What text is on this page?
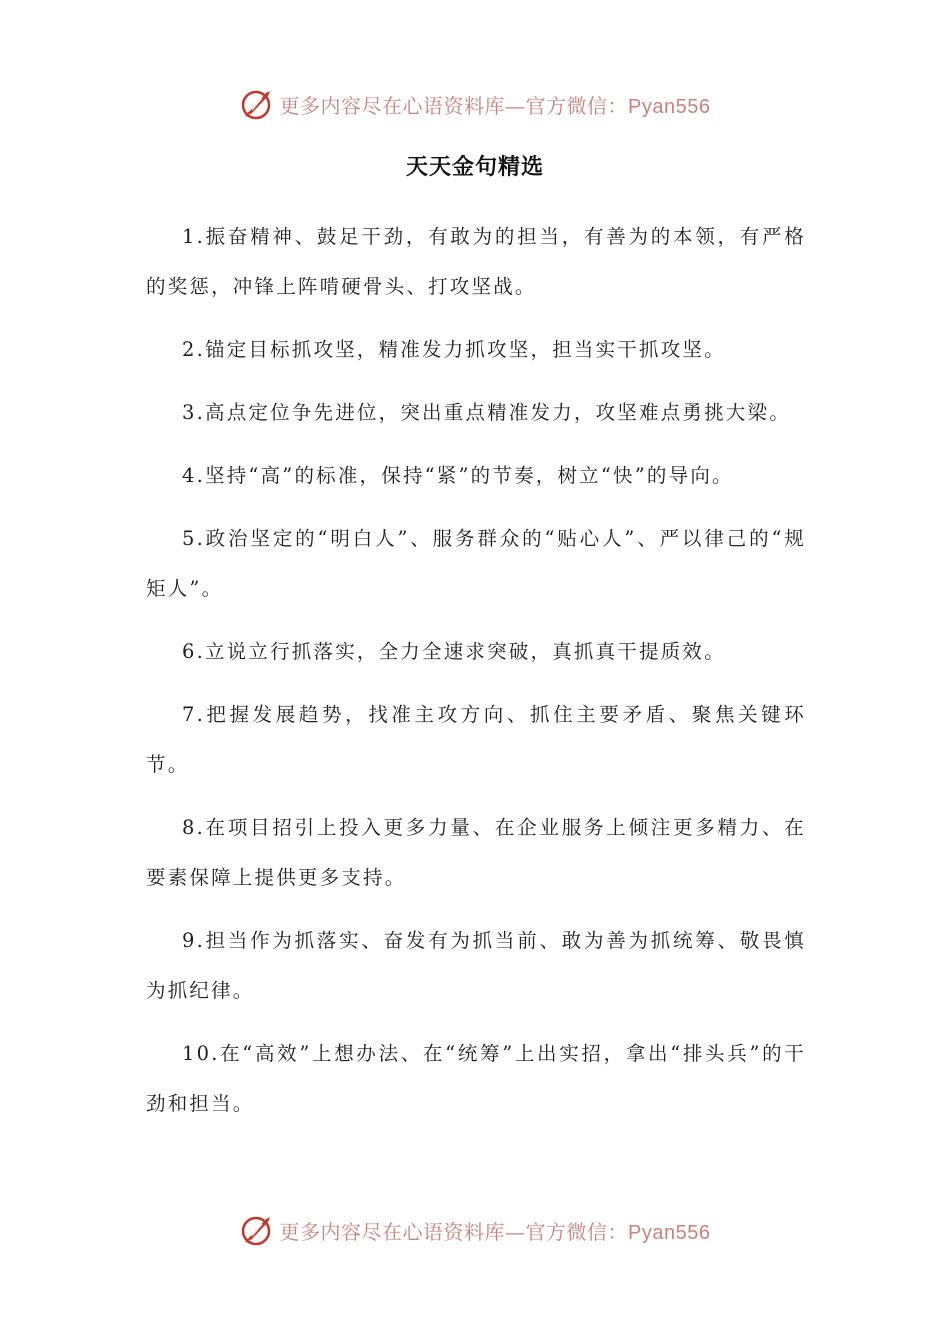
更多内容尽在心语资料库—官方微信：Pyan556
天天金句精选

1.振奋精神、鼓足干劲，有敢为的担当，有善为的本领，有严格的奖惩，冲锋上阵啃硬骨头、打攻坚战。

2.锚定目标抓攻坚，精准发力抓攻坚，担当实干抓攻坚。

3.高点定位争先进位，突出重点精准发力，攻坚难点勇挑大梁。

4.坚持“高”的标准，保持“紧”的节奏，树立“快”的导向。

5.政治坚定的“明白人”、服务群众的“贴心人”、严以律己的“规矩人”。

6.立说立行抓落实，全力全速求突破，真抓真干提质效。

7.把握发展趋势，找准主攻方向、抓住主要矛盾、聚焦关键环节。

8.在项目招引上投入更多力量、在企业服务上倾注更多精力、在要素保障上提供更多支持。

9.担当作为抓落实、奋发有为抓当前、敢为善为抓统筹、敬畏慎为抓纪律。

10.在“高效”上想办法、在“统筹”上出实招，拿出“排头兵”的干劲和担当。

更多内容尽在心语资料库—官方微信：Pyan556
